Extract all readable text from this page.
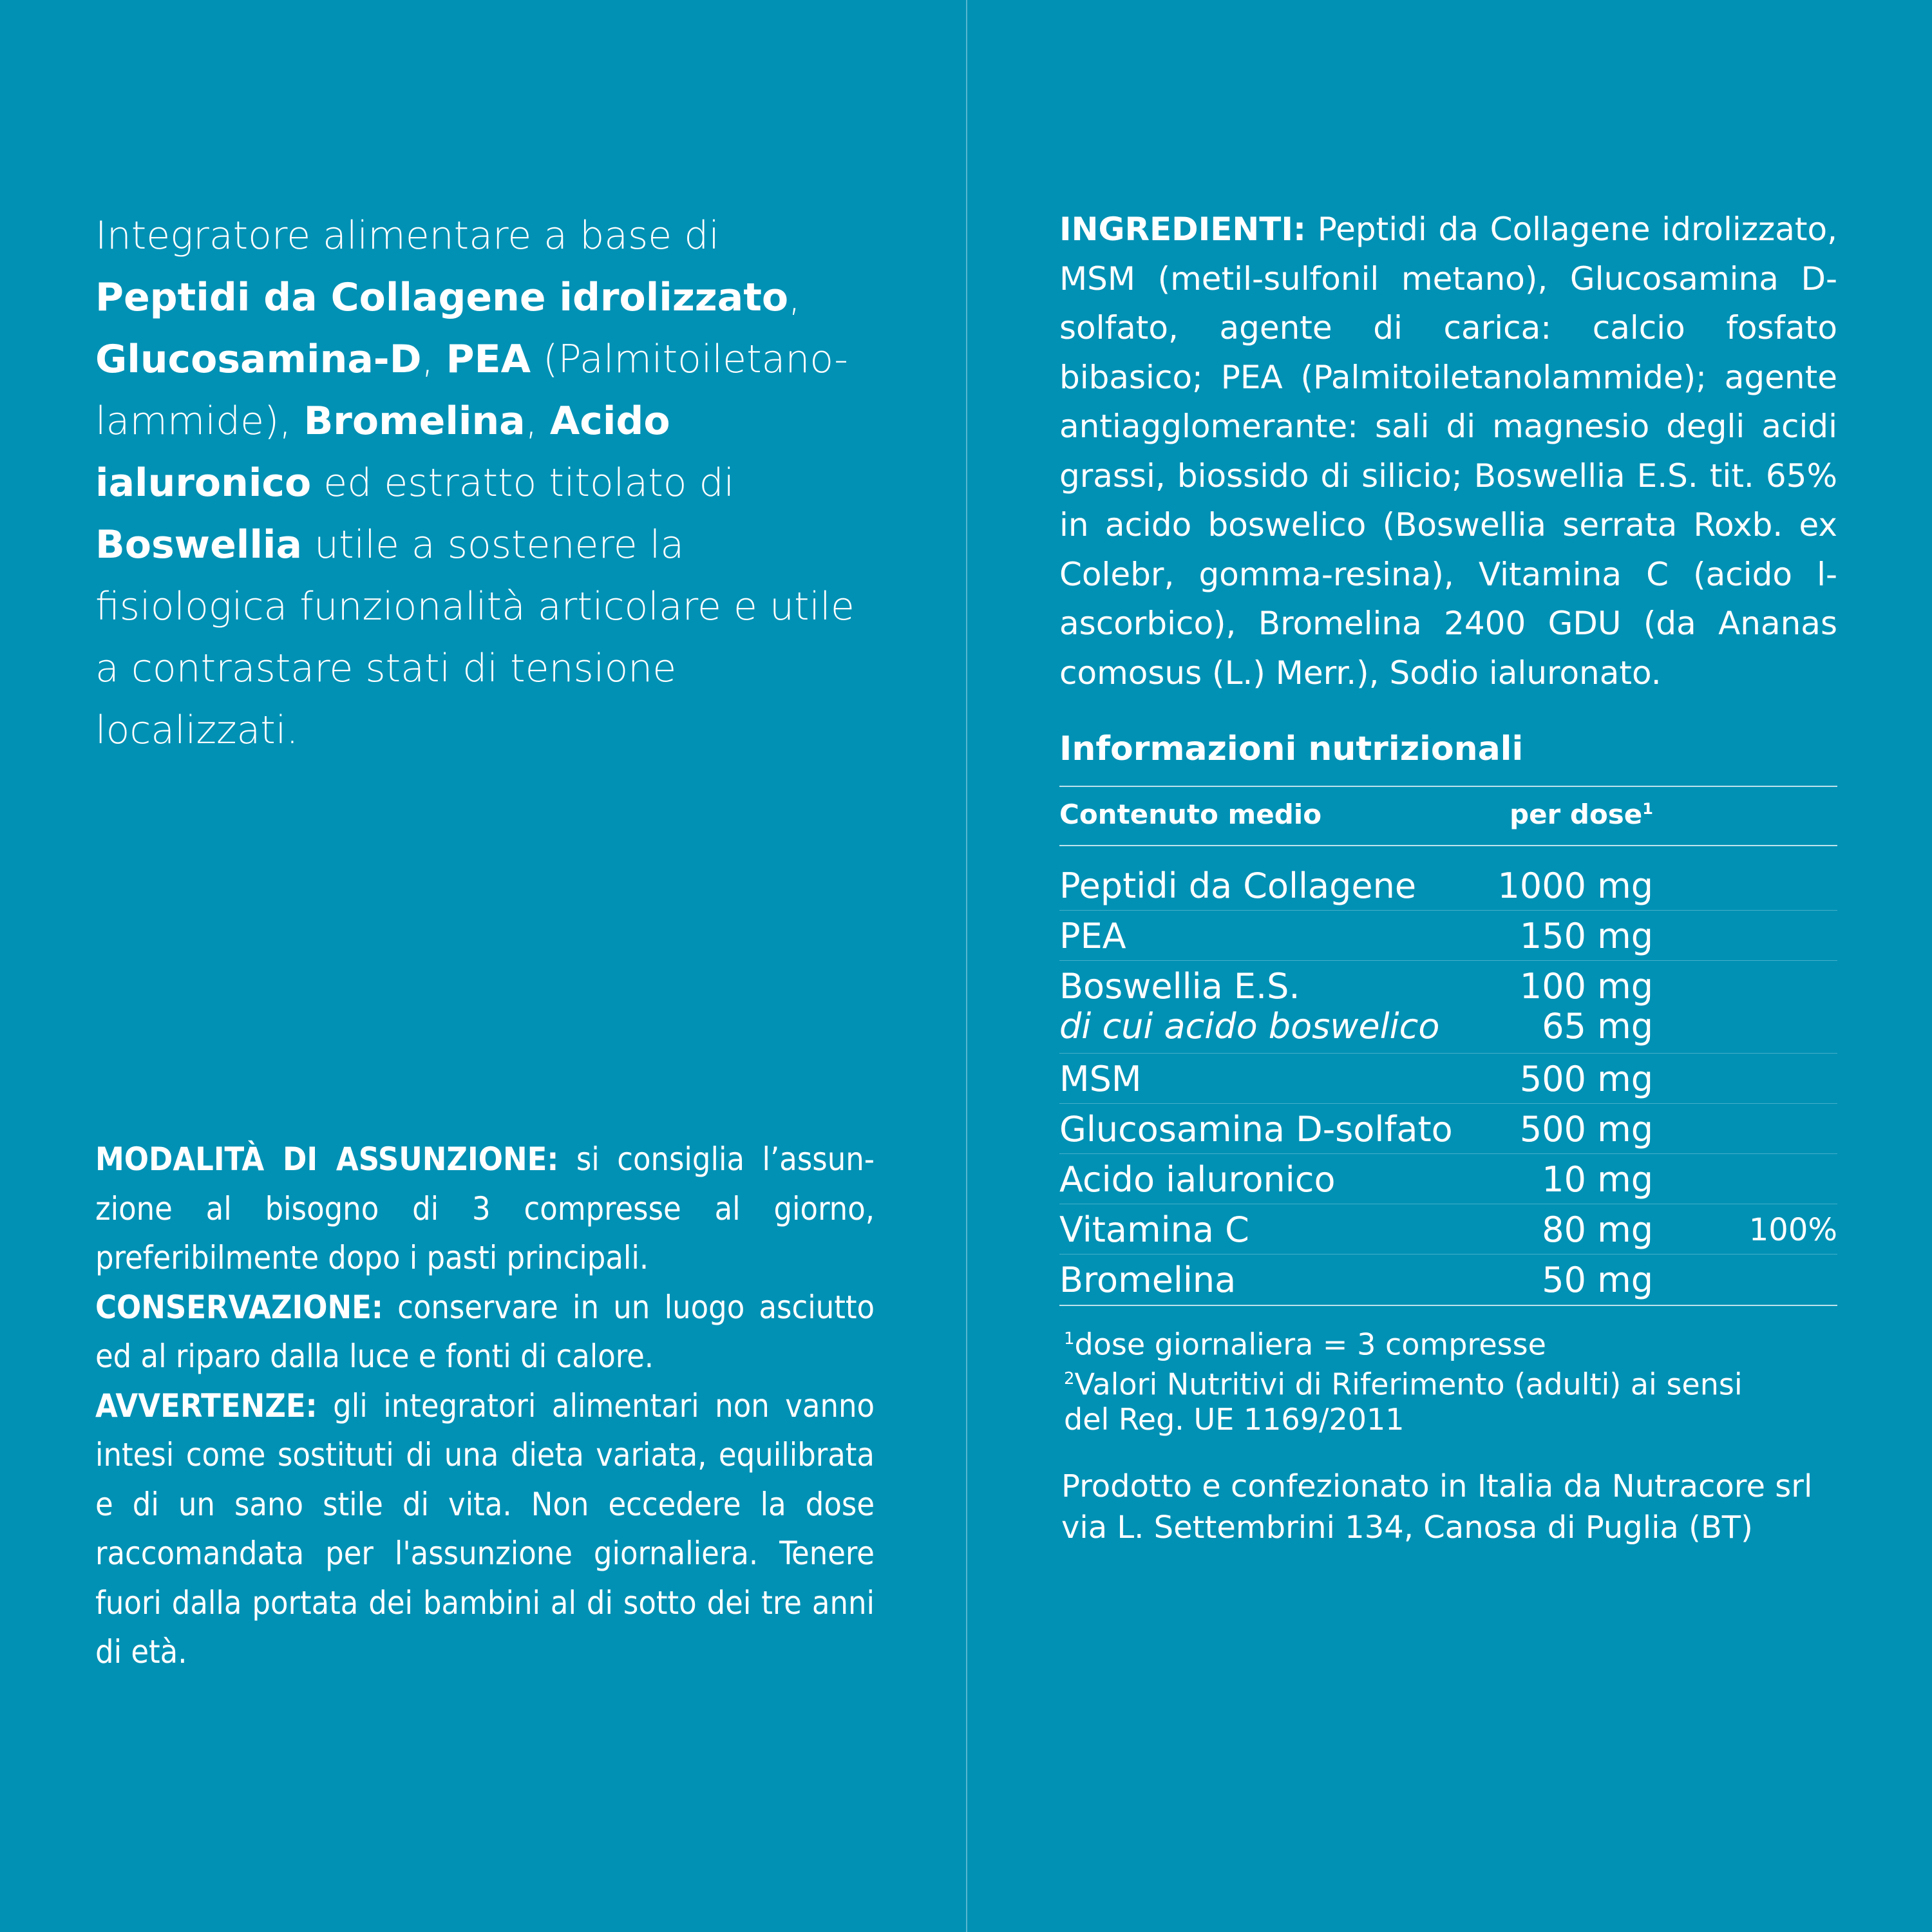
Integratore alimentare a base di Peptidi da Collagene idrolizzato, Glucosamina-D, PEA (Palmitoiletano-lammide), Bromelina, Acido ialuronico ed estratto titolato di Boswellia utile a sostenere la fisiologica funzionalità articolare e utile a contrastare stati di tensione localizzati.

MODALITÀ DI ASSUNZIONE: si consiglia l’assun-zione al bisogno di 3 compresse al giorno, preferibilmente dopo i pasti principali.

CONSERVAZIONE: conservare in un luogo asciutto ed al riparo dalla luce e fonti di calore.

AVVERTENZE: gli integratori alimentari non vanno intesi come sostituti di una dieta variata, equilibrata e di un sano stile di vita. Non eccedere la dose raccomandata per l'assunzione giornaliera. Tenere fuori dalla portata dei bambini al di sotto dei tre anni di età.

INGREDIENTI: Peptidi da Collagene idrolizzato, MSM (metil-sulfonil metano), Glucosamina D-solfato, agente di carica: calcio fosfato bibasico; PEA (Palmitoiletanolammide); agente antiagglomerante: sali di magnesio degli acidi grassi, biossido di silicio; Boswellia E.S. tit. 65% in acido boswelico (Boswellia serrata Roxb. ex Colebr, gomma-resina), Vitamina C (acido l-ascorbico), Bromelina 2400 GDU (da Ananas comosus (L.) Merr.), Sodio ialuronato.
Informazioni nutrizionali
Contenuto medio	per dose$^1$
Peptidi da Collagene 1000 mg
PEA	150 mg
Boswellia E.S.	100 mg
di cui acido boswelico	65 mg
MSM	500 mg
Glucosamina D-solfato 500 mg
Acido ialuronico	10 mg
Vitamina C	80 mg	100%
Bromelina	50 mg
$^1$dose giornaliera = 3 compresse
$^2$Valori Nutritivi di Riferimento (adulti) ai sensi del Reg. UE 1169/2011
Prodotto e confezionato in Italia da Nutracore srl
via L. Settembrini 134, Canosa di Puglia (BT)
